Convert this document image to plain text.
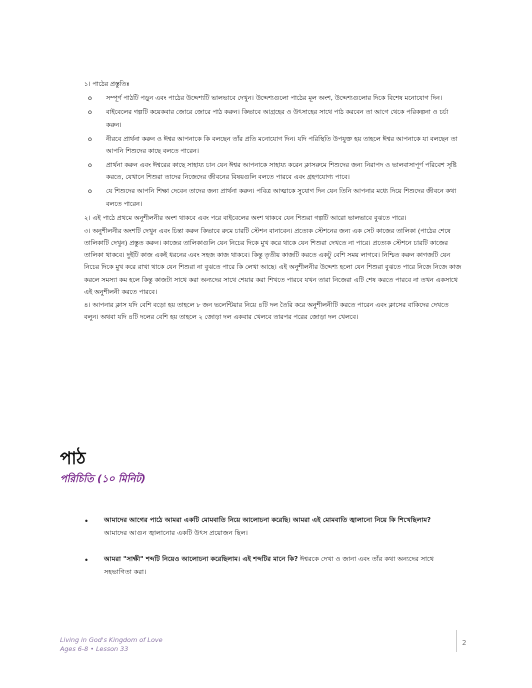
১। পাঠের প্রস্তুতিঃ

o সম্পূর্ণ পাঠটি পড়ুন এবং পাঠের উদ্দেশ্যটি ভালভাবে দেখুন। উদ্দেশ্যগুলো পাঠের মূল অংশ, উদ্দেশ্যগুলোর দিকে বিশেষ মনোযোগ দিন।
o বাইবেলের গল্পটি কয়েকবার জোরে জোরে পাঠ করুন। কিভাবে আগ্রহের ও উৎসাহের সাথে পাঠ করবেন তা আগে থেকে পরিকল্পনা ও চর্চা করুন।
o নীরবে প্রার্থনা করুন ও ঈশ্বর আপনাকে কি বলছেন তাঁর প্রতি মনোযোগ দিন। যদি পরিস্থিতি উপযুক্ত হয় তাহলে ঈশ্বর আপনাকে যা বলছেন তা আপনি শিশুদের কাছে বলতে পারেন।
o প্রার্থনা করুন এবং ঈশ্বরের কাছে সাহায্য চান যেন ঈশ্বর আপনাকে সাহায্য করেন ক্লাসরুমে শিশুদের জন্য নিরাপদ ও ভালবাসাপূর্ণ পরিবেশ সৃষ্টি করতে, যেখানে শিশুরা তাদের নিজেদের জীবনের বিষয়গুলি বলতে পারবে এবং গ্রহণযোগ্য পাবে।
o যে শিশুদের আপনি শিক্ষা দেবেন তাদের জন্য প্রার্থনা করুন। পবিত্র আত্মাকে সুযোগ দিন যেন তিনি আপনার মধ্যে দিয়ে শিশুদের জীবনে কথা বলতে পারেন।

২। এই পাঠে প্রথমে অনুশীলনীর অংশ থাকবে এবং পরে বাইবেলের অংশ থাকবে যেন শিশুরা গল্পটি আরো ভালভাবে বুঝতে পারে।

৩। অনুশীলনীর অংশটি দেখুন এবং চিন্তা করুন কিভাবে রুমে চারটি স্টেশন বানাবেন। প্রত্যেক স্টেশনের জন্য এক সেট কাজের তালিকা (পাঠের শেষে তালিকাটি দেখুন) প্রস্তুত করুন। কাজের তালিকাগুলি যেন নিচের দিকে মুখ করে থাকে যেন শিশুরা দেখতে না পারে। প্রত্যেক স্টেশনে চারটি কাজের তালিকা থাকবে। দুইটি কাজ একই ধরনের এবং সহজ কাজ থাকবে। কিন্তু তৃতীয় কাজটি করতে একটু বেশি সময় লাগবে। নিশ্চিত করুন কাগজটি যেন নিচের দিকে মুখ করে রাখা থাকে যেন শিশুরা না বুঝতে পারে কি লেখা আছে। এই অনুশীলনীর উদ্দেশ্য হলো যেন শিশুরা বুঝতে পারে নিজে নিজে কাজ করলে সমস্যা কম হলে কিন্তু কাজটা সাথে করা অন্যদের সাথে শেয়ার করা শিখতে পারবে যখন তারা নিজেরা এটি শেষ করতে পারবে না তখন একসাথে এই অনুশীলনী করতে পারবে।

৪। আপনার ক্লাস যদি বেশি বড়ো হয় তাহলে ৮ জন ভলেন্টিয়ার নিয়ে ৪টি দল তৈরি করে অনুশীলনীটি করতে পারেন এবং ক্লাসের বাকিদের দেখতে বলুন। অথবা যদি ৪টি দলের বেশি হয় তাহলে ২ জোড়া দল একবার খেলবে তারপর পরের জোড়া দল খেলবে।

পাঠ
পরিচিতি (১০ মিনিট)
• আমাদের আগের পাঠে আমরা একটি মোমবাতি নিয়ে আলোচনা করেছি। আমরা এই মোমবাতি জ্বালানো নিয়ে কি শিখেছিলাম? আমাদের আগুন জ্বালানোর একটি উৎস প্রয়োজন ছিল।
• আমরা "সাক্ষী" শব্দটি নিয়েও আলোচনা করেছিলাম। এই শব্দটির মানে কি? ঈশ্বরকে দেখা ও জানা এবং তাঁর কথা অন্যদের সাথে সহভাগিতা করা।
Living in God's Kingdom of Love
Ages 6-8 • Lesson 33
2
